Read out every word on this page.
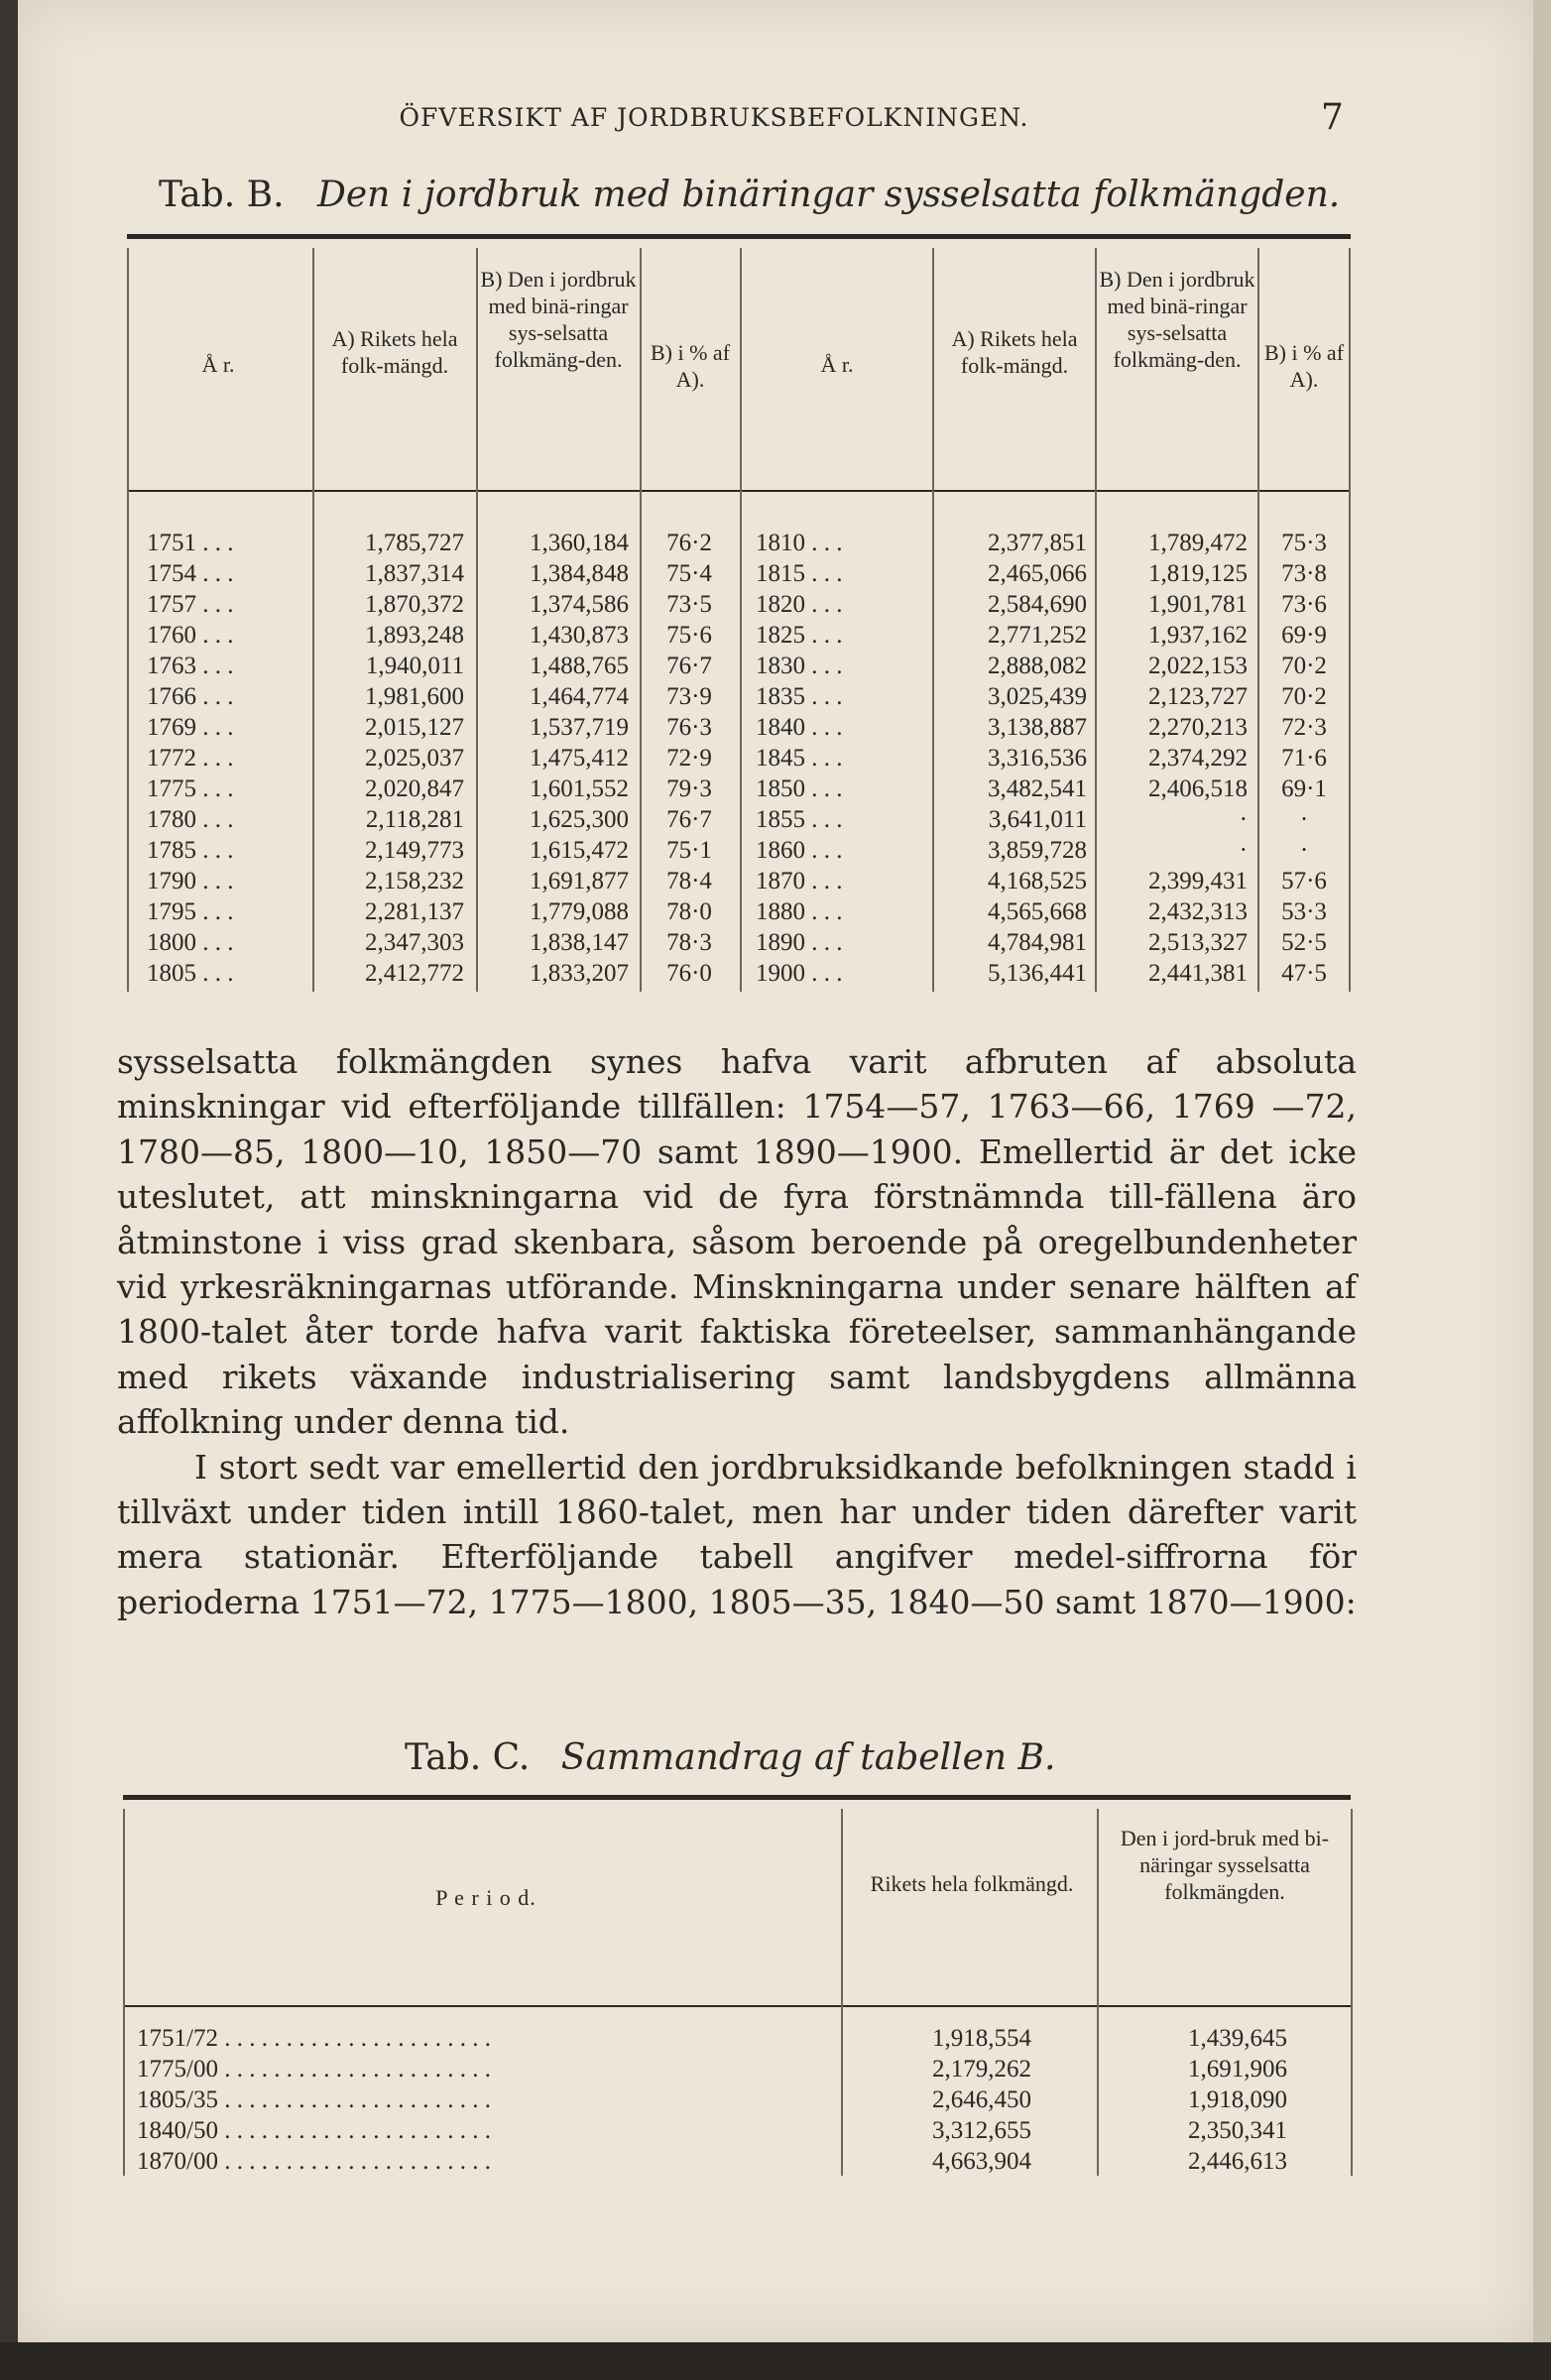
ÖFVERSIKT AF JORDBRUKSBEFOLKNINGEN.	7
Tab. B. Den i jordbruk med binäringar sysselsatta folkmängden.
Å r.
A) Rikets hela folk-mängd.
B) Den i jordbruk med binä-ringar sys-selsatta folkmäng-den.	B) i % af A).
Å r.
A) Rikets hela folk-mängd.
B) Den i jordbruk med binä-ringar sys-selsatta folkmäng-den.	B) i % af A).
1751 . . .	1,785,727	1,360,184	76·2
1754 . . .	1,837,314	1,384,848	75·4
1757 . . .	1,870,372	1,374,586	73·5
1760 . . .	1,893,248	1,430,873	75·6
1763 . . .	1,940,011	1,488,765	76·7
1766 . . .	1,981,600	1,464,774	73·9
1769 . . .	2,015,127	1,537,719	76·3
1772 . . .	2,025,037	1,475,412	72·9
1775 . . .	2,020,847	1,601,552	79·3
1780 . . .	2,118,281	1,625,300	76·7
1785 . . .	2,149,773	1,615,472	75·1
1790 . . .	2,158,232	1,691,877	78·4
1795 . . .	2,281,137	1,779,088	78·0
1800 . . .	2,347,303	1,838,147	78·3
1805 . . .	2,412,772	1,833,207	76·0
1810 . . .	2,377,851	1,789,472	75·3
1815 . . .	2,465,066	1,819,125	73·8
1820 . . .	2,584,690	1,901,781	73·6
1825 . . .	2,771,252	1,937,162	69·9
1830 . . .	2,888,082	2,022,153	70·2
1835 . . .	3,025,439	2,123,727	70·2
1840 . . .	3,138,887	2,270,213	72·3
1845 . . .	3,316,536	2,374,292	71·6
1850 . . .	3,482,541	2,406,518	69·1
1855 . . .	3,641,011	·	·
1860 . . .	3,859,728	·	·
1870 . . .	4,168,525	2,399,431	57·6
1880 . . .	4,565,668	2,432,313	53·3
1890 . . .	4,784,981	2,513,327	52·5
1900 . . .	5,136,441	2,441,381	47·5

sysselsatta folkmängden synes hafva varit afbruten af absoluta minskningar vid efterföljande tillfällen: 1754—57, 1763—66, 1769 —72, 1780—85, 1800—10, 1850—70 samt 1890—1900. Emellertid är det icke uteslutet, att minskningarna vid de fyra förstnämnda till-fällena äro åtminstone i viss grad skenbara, såsom beroende på oregelbundenheter vid yrkesräkningarnas utförande. Minskningarna under senare hälften af 1800-talet åter torde hafva varit faktiska företeelser, sammanhängande med rikets växande industrialisering samt landsbygdens allmänna affolkning under denna tid.

I stort sedt var emellertid den jordbruksidkande befolkningen stadd i tillväxt under tiden intill 1860-talet, men har under tiden därefter varit mera stationär. Efterföljande tabell angifver medel-siffrorna för perioderna 1751—72, 1775—1800, 1805—35, 1840—50 samt 1870—1900:

Tab. C. Sammandrag af tabellen B.
P e r i o d.
Rikets hela folkmängd.
Den i jord-bruk med bi-näringar sysselsatta folkmängden.
1751/72 . . . . . . . . . . . . . . . . . . . . . .	1,918,554	1,439,645
1775/00 . . . . . . . . . . . . . . . . . . . . . .	2,179,262	1,691,906
1805/35 . . . . . . . . . . . . . . . . . . . . . .	2,646,450	1,918,090
1840/50 . . . . . . . . . . . . . . . . . . . . . .	3,312,655	2,350,341
1870/00 . . . . . . . . . . . . . . . . . . . . . .	4,663,904	2,446,613
